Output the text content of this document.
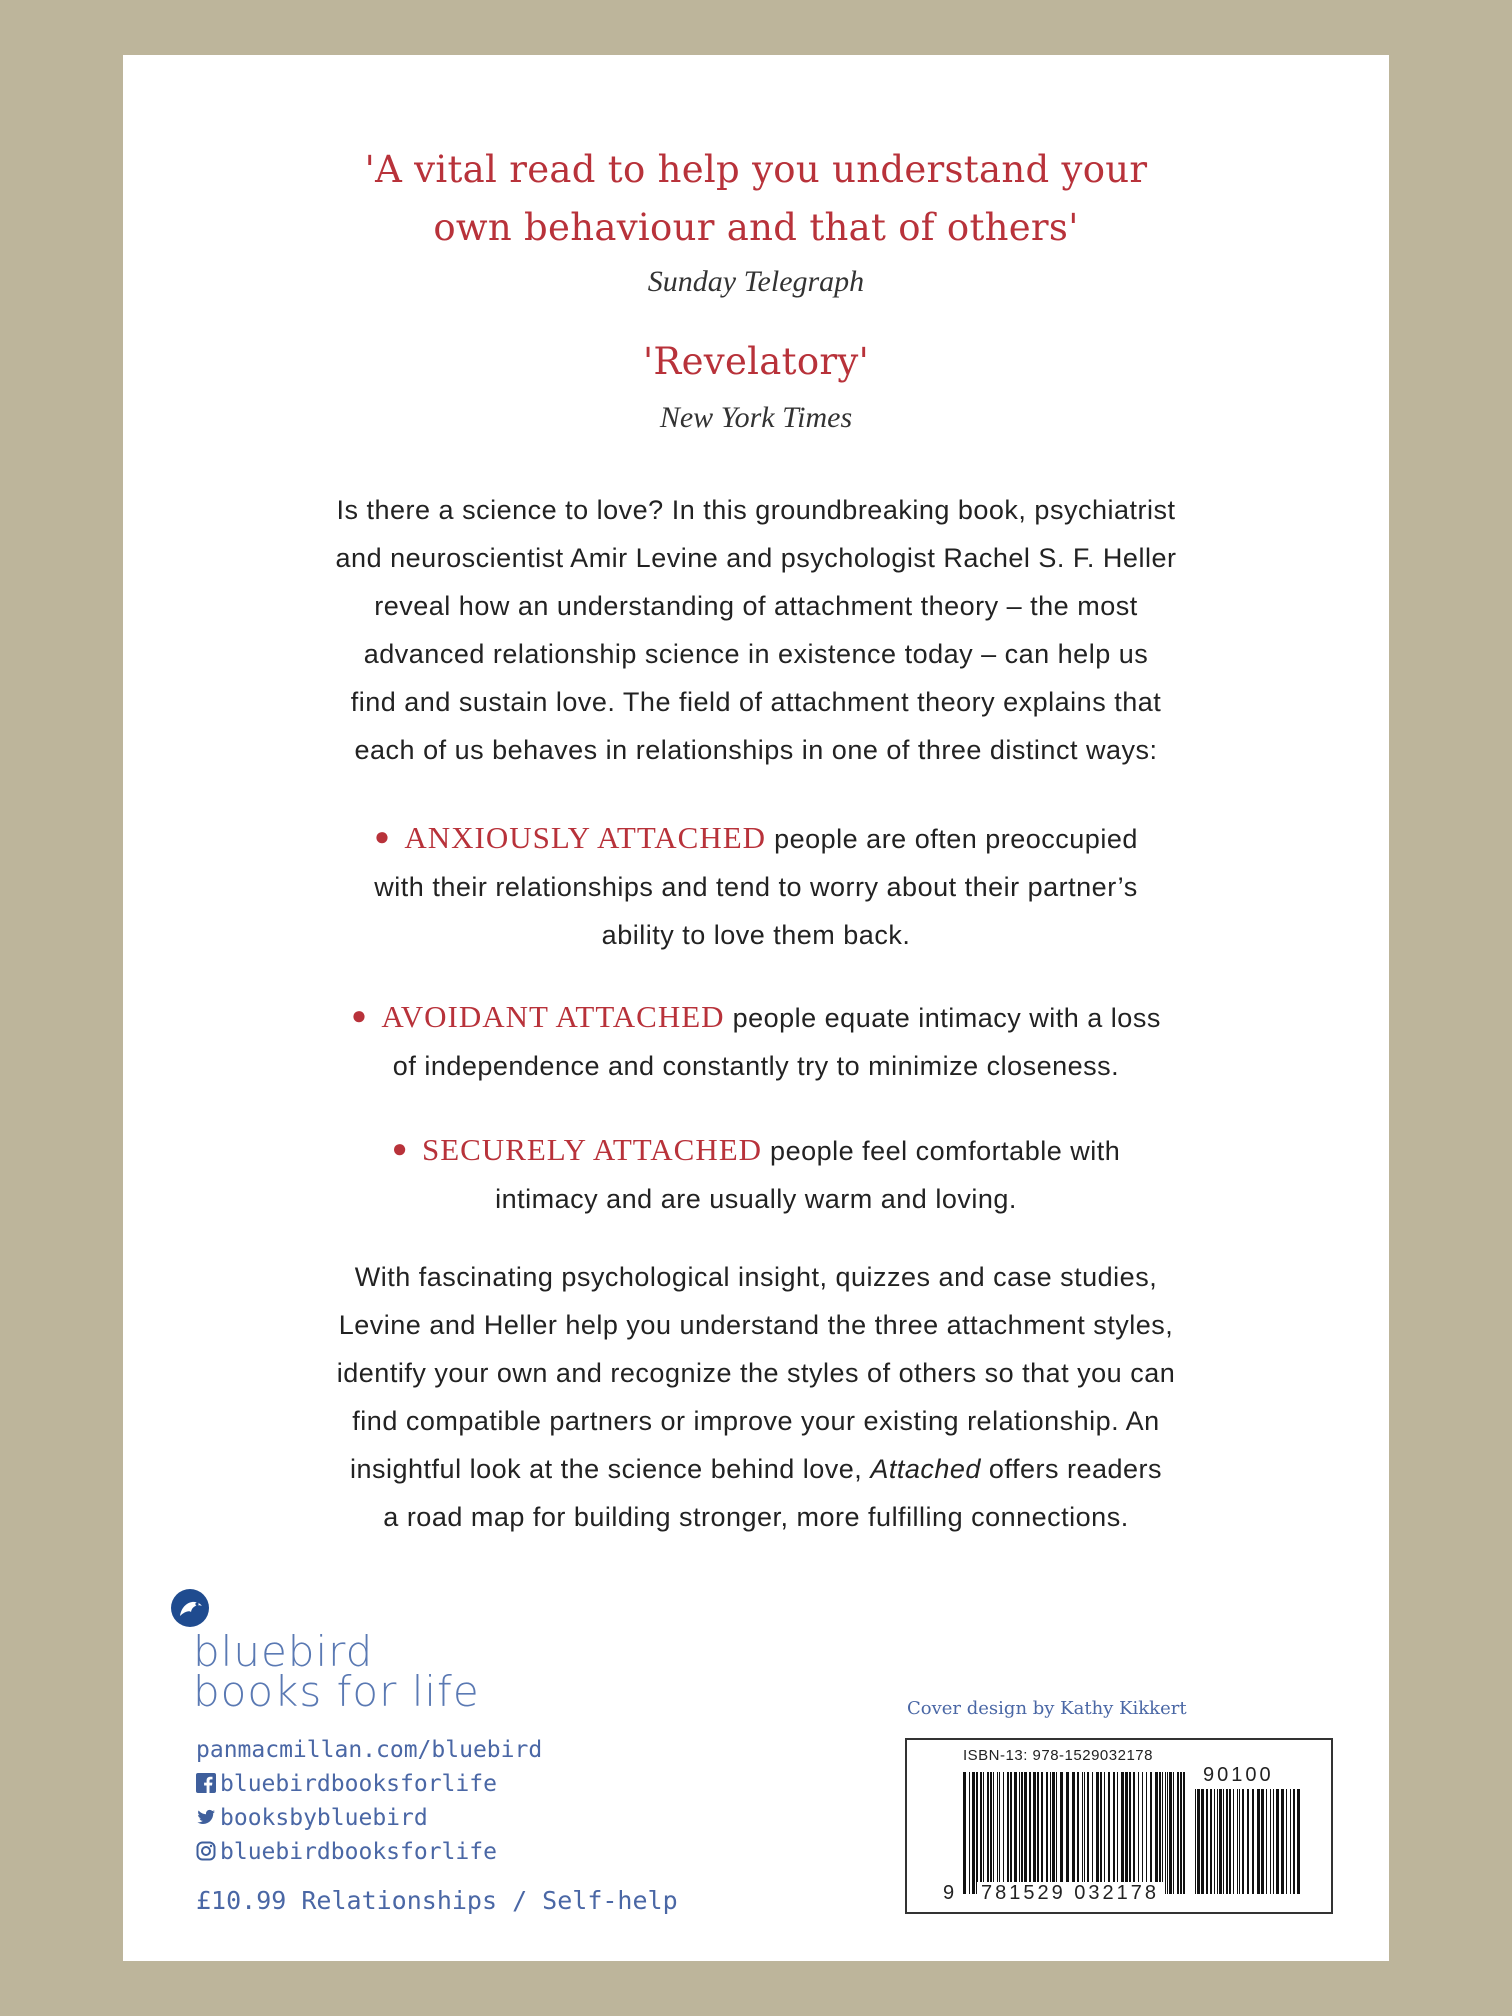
'A vital read to help you understand your
own behaviour and that of others'
Sunday Telegraph
'Revelatory'
New York Times
Is there a science to love? In this groundbreaking book, psychiatrist
and neuroscientist Amir Levine and psychologist Rachel S. F. Heller
reveal how an understanding of attachment theory – the most
advanced relationship science in existence today – can help us
find and sustain love. The field of attachment theory explains that
each of us behaves in relationships in one of three distinct ways:
● ANXIOUSLY ATTACHED people are often preoccupied
with their relationships and tend to worry about their partner’s
ability to love them back.
● AVOIDANT ATTACHED people equate intimacy with a loss
of independence and constantly try to minimize closeness.
● SECURELY ATTACHED people feel comfortable with
intimacy and are usually warm and loving.
With fascinating psychological insight, quizzes and case studies,
Levine and Heller help you understand the three attachment styles,
identify your own and recognize the styles of others so that you can
find compatible partners or improve your existing relationship. An
insightful look at the science behind love, Attached offers readers
a road map for building stronger, more fulfilling connections.
bluebird
books for life
panmacmillan.com/bluebird
bluebirdbooksforlife
booksbybluebird
bluebirdbooksforlife
£10.99 Relationships / Self-help
Cover design by Kathy Kikkert
ISBN-13: 978-1529032178
90100
9 781529 032178
